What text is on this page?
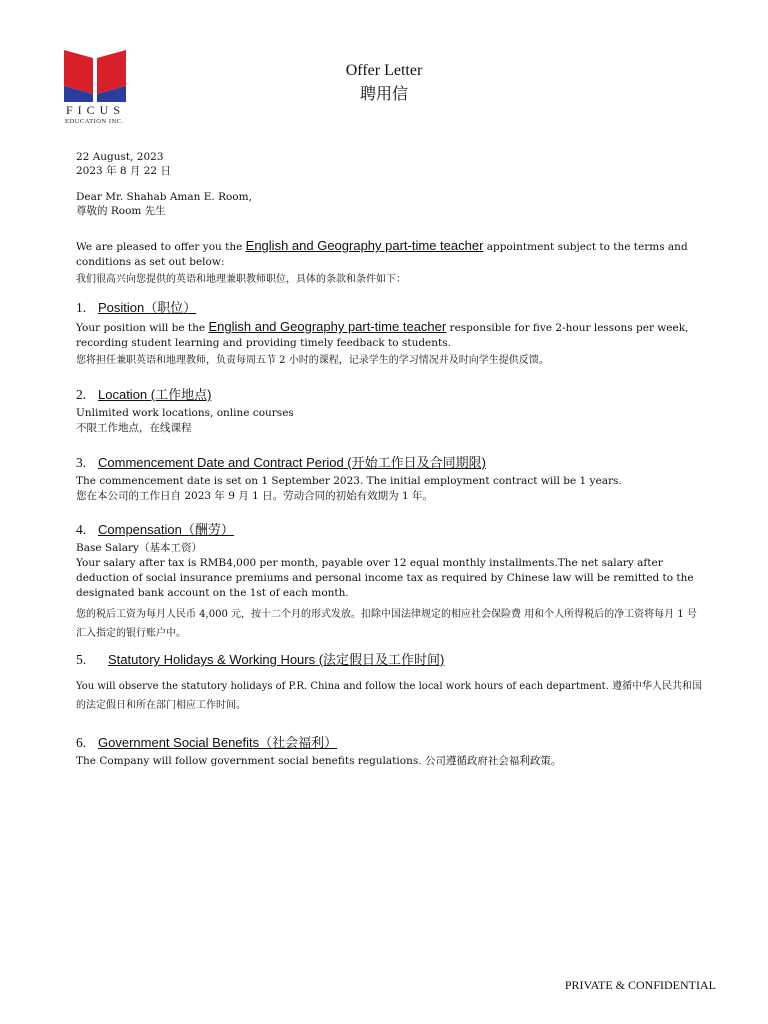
FICUS
EDUCATION INC.
Offer Letter
聘用信
22 August, 2023
2023 年 8 月 22 日
Dear Mr. Shahab Aman E. Room,
尊敬的 Room 先生
We are pleased to offer you the English and Geography part-time teacher appointment subject to the terms and conditions as set out below:
我们很高兴向您提供的英语和地理兼职教师职位，具体的条款和条件如下：
1. Position（职位）
Your position will be the English and Geography part-time teacher responsible for five 2-hour lessons per week, recording student learning and providing timely feedback to students.
您将担任兼职英语和地理教师，负责每周五节 2 小时的课程，记录学生的学习情况并及时向学生提供反馈。
2. Location (工作地点)
Unlimited work locations, online courses
不限工作地点，在线课程
3. Commencement Date and Contract Period (开始工作日及合同期限)
The commencement date is set on 1 September 2023. The initial employment contract will be 1 years.
您在本公司的工作日自 2023 年 9 月 1 日。劳动合同的初始有效期为 1 年。
4. Compensation（酬劳）
Base Salary（基本工资）
Your salary after tax is RMB4,000 per month, payable over 12 equal monthly installments.The net salary after deduction of social insurance premiums and personal income tax as required by Chinese law will be remitted to the designated bank account on the 1st of each month.
您的税后工资为每月人民币 4,000 元，按十二个月的形式发放。扣除中国法律规定的相应社会保险费 用和个人所得税后的净工资将每月 1 号汇入指定的银行账户中。
5. Statutory Holidays & Working Hours (法定假日及工作时间)
You will observe the statutory holidays of P.R. China and follow the local work hours of each department. 遵循中华人民共和国的法定假日和所在部门相应工作时间。
6. Government Social Benefits（社会福利）
The Company will follow government social benefits regulations. 公司遵循政府社会福利政策。
PRIVATE & CONFIDENTIAL
